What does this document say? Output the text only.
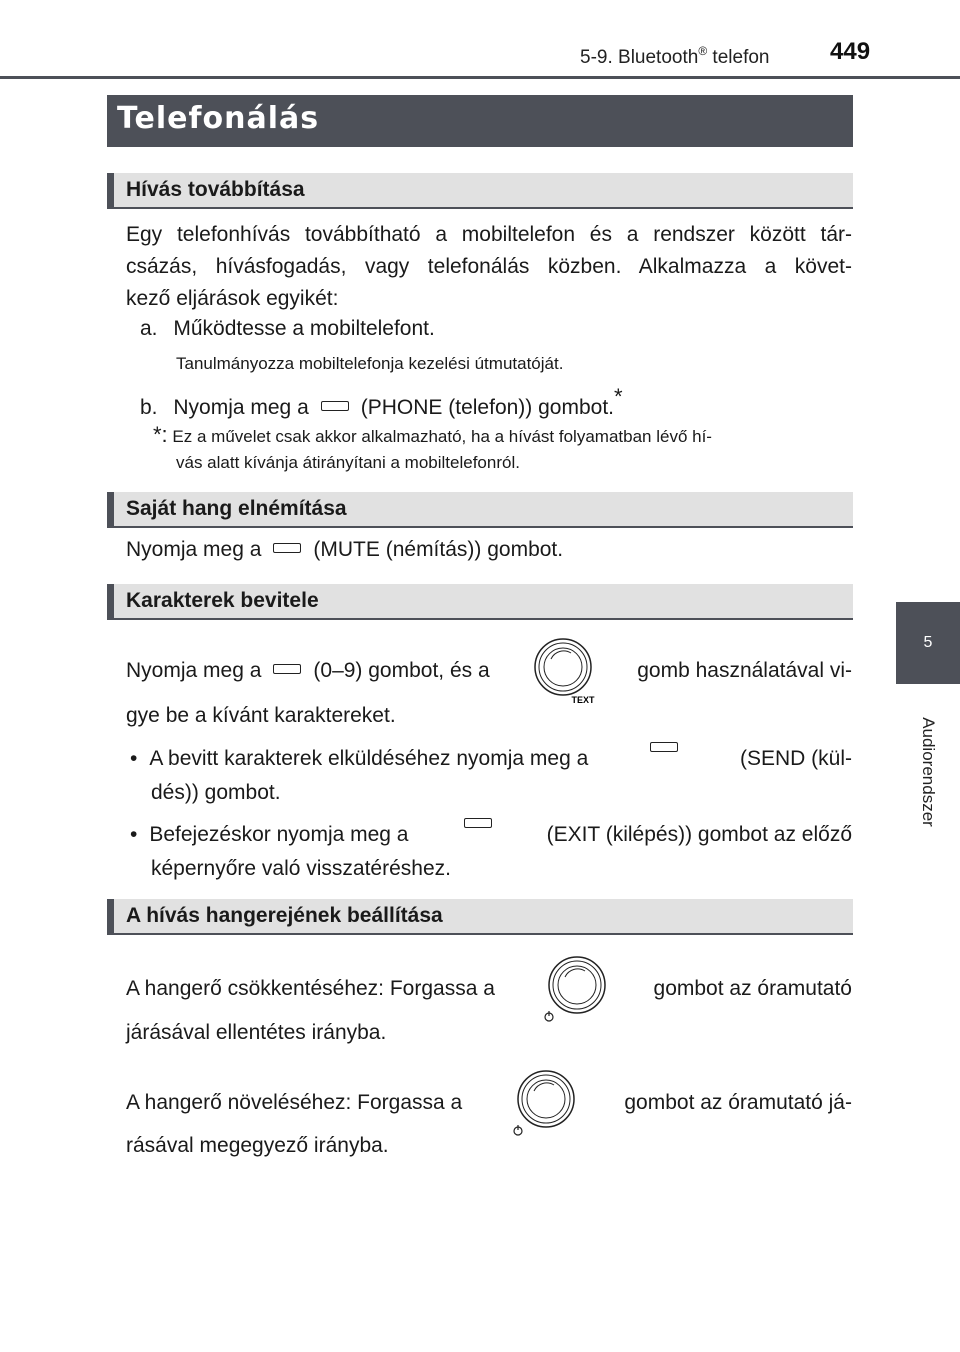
5-9. Bluetooth® telefon	449
5
Audiorendszer
Telefonálás
Hívás továbbítása
Egy telefonhívás továbbítható a mobiltelefon és a rendszer között tár-
csázás, hívásfogadás, vagy telefonálás közben. Alkalmazza a követ-
kező eljárások egyikét:
a. Működtesse a mobiltelefont.
Tanulmányozza mobiltelefonja kezelési útmutatóját.
b. Nyomja meg a (PHONE (telefon)) gombot.*
*: Ez a művelet csak akkor alkalmazható, ha a hívást folyamatban lévő hí-
vás alatt kívánja átirányítani a mobiltelefonról.
Saját hang elnémítása
Nyomja meg a (MUTE (némítás)) gombot.
Karakterek bevitele
Nyomja meg a (0–9) gombot, és a
TEXT
gomb használatával vi-
gye be a kívánt karaktereket.
• A bevitt karakterek elküldéséhez nyomja meg a	(SEND (kül-
dés)) gombot.
• Befejezéskor nyomja meg a	(EXIT (kilépés)) gombot az előző
képernyőre való visszatéréshez.
A hívás hangerejének beállítása
A hangerő csökkentéséhez: Forgassa a	gombot az óramutató
járásával ellentétes irányba.
A hangerő növeléséhez: Forgassa a	gombot az óramutató já-
rásával megegyező irányba.
